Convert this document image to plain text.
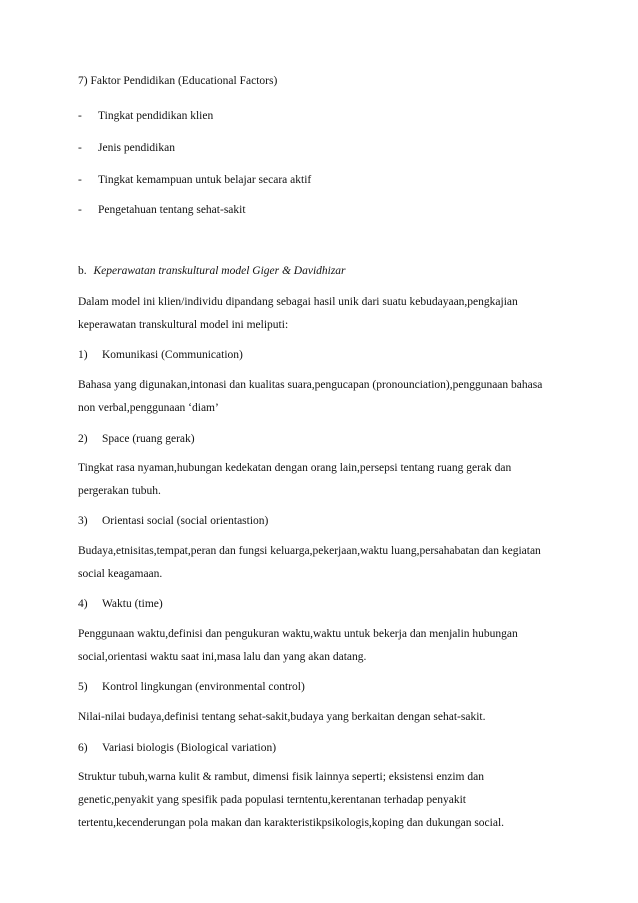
7) Faktor Pendidikan (Educational Factors)
- Tingkat pendidikan klien
- Jenis pendidikan
- Tingkat kemampuan untuk belajar secara aktif
- Pengetahuan tentang sehat-sakit
b. Keperawatan transkultural model Giger & Davidhizar
Dalam model ini klien/individu dipandang sebagai hasil unik dari suatu kebudayaan,pengkajian
keperawatan transkultural model ini meliputi:
1) Komunikasi (Communication)
Bahasa yang digunakan,intonasi dan kualitas suara,pengucapan (pronounciation),penggunaan bahasa
non verbal,penggunaan ‘diam’
2) Space (ruang gerak)
Tingkat rasa nyaman,hubungan kedekatan dengan orang lain,persepsi tentang ruang gerak dan
pergerakan tubuh.
3) Orientasi social (social orientastion)
Budaya,etnisitas,tempat,peran dan fungsi keluarga,pekerjaan,waktu luang,persahabatan dan kegiatan
social keagamaan.
4) Waktu (time)
Penggunaan waktu,definisi dan pengukuran waktu,waktu untuk bekerja dan menjalin hubungan
social,orientasi waktu saat ini,masa lalu dan yang akan datang.
5) Kontrol lingkungan (environmental control)
Nilai-nilai budaya,definisi tentang sehat-sakit,budaya yang berkaitan dengan sehat-sakit.
6) Variasi biologis (Biological variation)
Struktur tubuh,warna kulit & rambut, dimensi fisik lainnya seperti; eksistensi enzim dan
genetic,penyakit yang spesifik pada populasi terntentu,kerentanan terhadap penyakit
tertentu,kecenderungan pola makan dan karakteristikpsikologis,koping dan dukungan social.
